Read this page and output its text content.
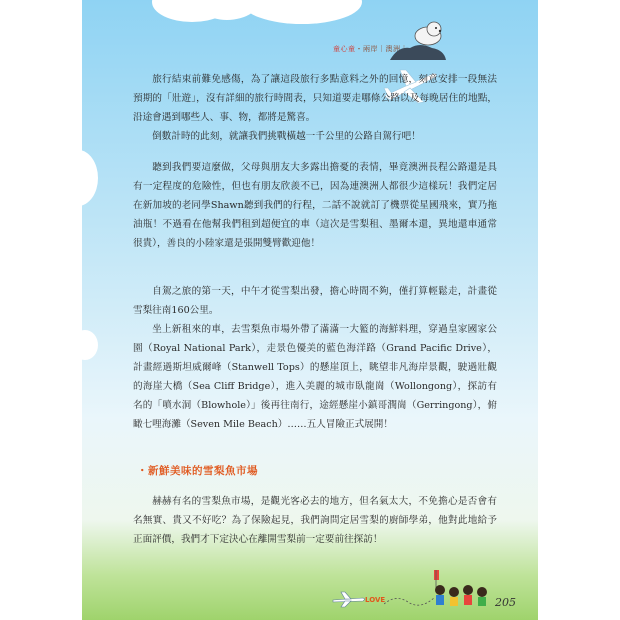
童心童・兩岸｜澳洲

旅行結束前難免感傷，為了讓這段旅行多點意料之外的回憶，刻意安排一段無法預期的「壯遊」，沒有詳細的旅行時間表，只知道要走哪條公路以及每晚居住的地點，沿途會遇到哪些人、事、物，都將是驚喜。

倒數計時的此刻，就讓我們挑戰橫越一千公里的公路自駕行吧！

聽到我們要這麼做，父母與朋友大多露出擔憂的表情，畢竟澳洲長程公路還是具有一定程度的危險性，但也有朋友欣羨不已，因為連澳洲人都很少這樣玩！我們定居在新加坡的老同學Shawn聽到我們的行程，二話不說就訂了機票從星國飛來，實乃拖油瓶！不過看在他幫我們租到超便宜的車（這次是雪梨租、墨爾本還，異地還車通常很貴），善良的小陸家還是張開雙臂歡迎他！

自駕之旅的第一天，中午才從雪梨出發，擔心時間不夠，僅打算輕鬆走，計畫從雪梨往南160公里。

坐上新租來的車，去雪梨魚市場外帶了滿滿一大籃的海鮮料理，穿過皇家國家公園（Royal National Park），走景色優美的藍色海洋路（Grand Pacific Drive），計畫經過斯坦威爾峰（Stanwell Tops）的懸崖頂上，眺望非凡海岸景觀，駛過壯觀的海崖大橋（Sea Cliff Bridge），進入美麗的城市臥龍崗（Wollongong），探訪有名的「噴水洞（Blowhole）」後再往南行，途經懸崖小鎮哥潤崗（Gerringong），俯瞰七哩海灘（Seven Mile Beach）……五人冒險正式展開！

・新鮮美味的雪梨魚市場

赫赫有名的雪梨魚市場，是觀光客必去的地方，但名氣太大，不免擔心是否會有名無實、貴又不好吃？為了保險起見，我們詢問定居雪梨的廚師學弟，他對此地給予正面評價，我們才下定決心在離開雪梨前一定要前往探訪！

LOVE	205
